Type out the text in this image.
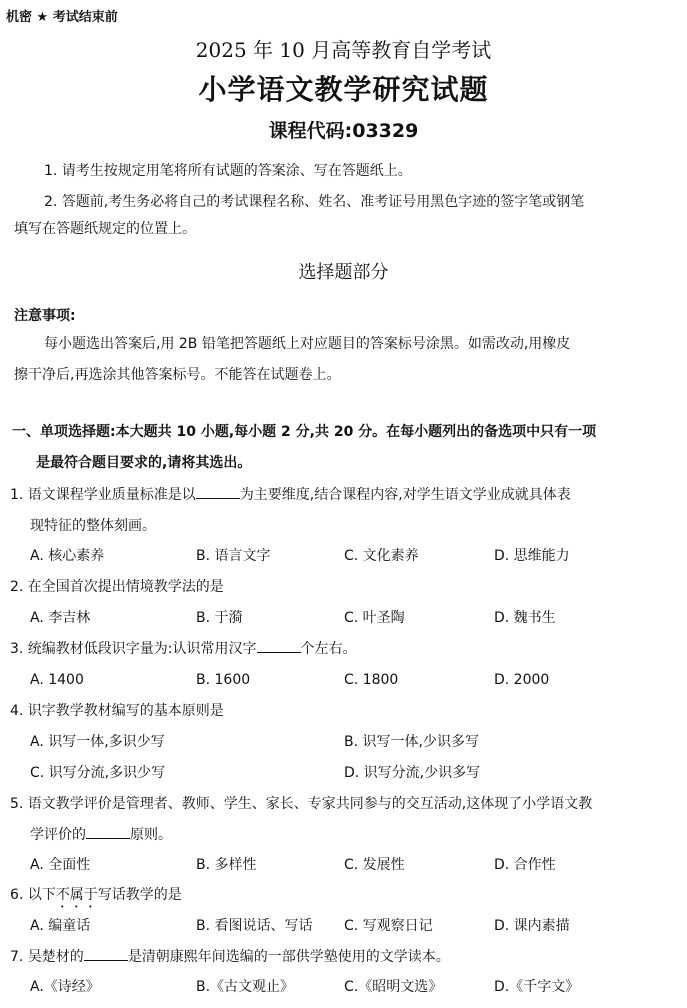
机密 ★ 考试结束前
2025 年 10 月高等教育自学考试
小学语文教学研究试题
课程代码:03329
1. 请考生按规定用笔将所有试题的答案涂、写在答题纸上。
2. 答题前,考生务必将自己的考试课程名称、姓名、准考证号用黑色字迹的签字笔或钢笔
填写在答题纸规定的位置上。
选择题部分
注意事项:
每小题选出答案后,用 2B 铅笔把答题纸上对应题目的答案标号涂黑。如需改动,用橡皮
擦干净后,再选涂其他答案标号。不能答在试题卷上。
一、单项选择题:本大题共 10 小题,每小题 2 分,共 20 分。在每小题列出的备选项中只有一项
是最符合题目要求的,请将其选出。
1. 语文课程学业质量标准是以	为主要维度,结合课程内容,对学生语文学业成就具体表
现特征的整体刻画。
A. 核心素养	B. 语言文字	C. 文化素养	D. 思维能力
2. 在全国首次提出情境教学法的是
A. 李吉林	B. 于漪	C. 叶圣陶	D. 魏书生
3. 统编教材低段识字量为:认识常用汉字	个左右。
A. 1400	B. 1600	C. 1800	D. 2000
4. 识字教学教材编写的基本原则是
A. 识写一体,多识少写	B. 识写一体,少识多写
C. 识写分流,多识少写	D. 识写分流,少识多写
5. 语文教学评价是管理者、教师、学生、家长、专家共同参与的交互活动,这体现了小学语文教
学评价的	原则。
A. 全面性	B. 多样性	C. 发展性	D. 合作性
6. 以下不属于写话教学的是
A. 编童话	B. 看图说话、写话 C. 写观察日记	D. 课内素描
7. 吴楚材的	是清朝康熙年间选编的一部供学塾使用的文学读本。
A.《诗经》	B.《古文观止》	C.《昭明文选》	D.《千字文》
